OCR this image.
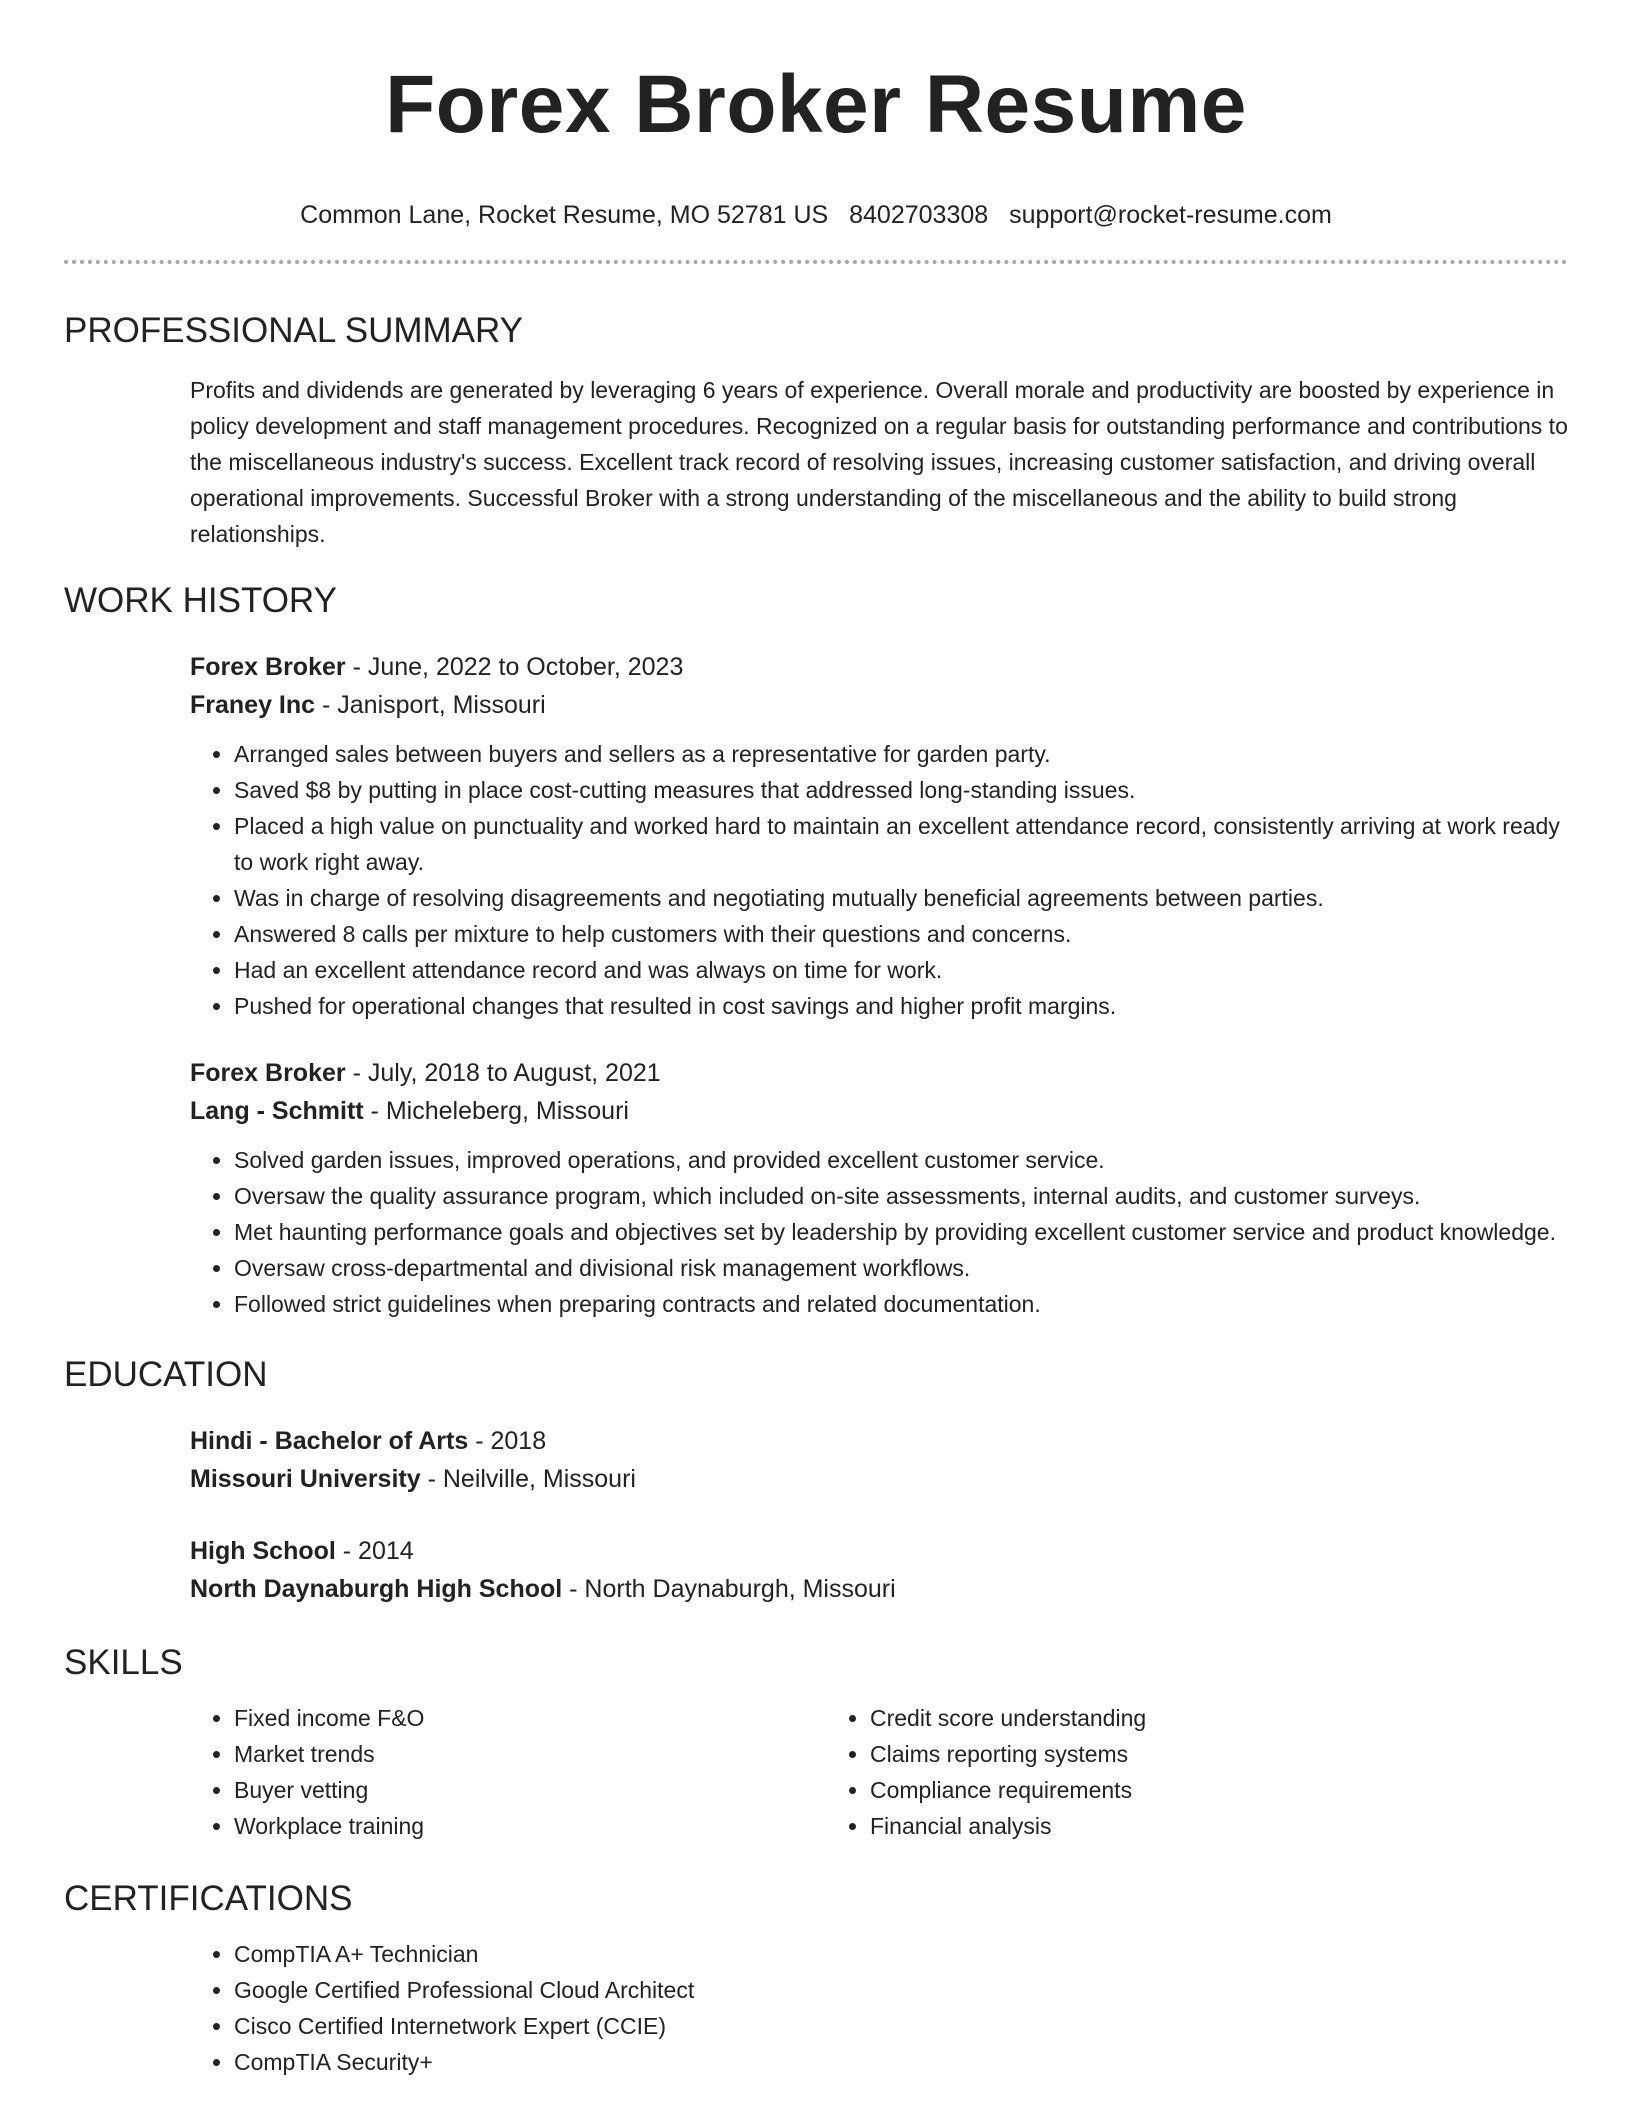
Forex Broker Resume
Common Lane, Rocket Resume, MO 52781 US 8402703308 support@rocket-resume.com
PROFESSIONAL SUMMARY
Profits and dividends are generated by leveraging 6 years of experience. Overall morale and productivity are boosted by experience in policy development and staff management procedures. Recognized on a regular basis for outstanding performance and contributions to the miscellaneous industry's success. Excellent track record of resolving issues, increasing customer satisfaction, and driving overall operational improvements. Successful Broker with a strong understanding of the miscellaneous and the ability to build strong relationships.
WORK HISTORY
Forex Broker - June, 2022 to October, 2023
Franey Inc - Janisport, Missouri
• Arranged sales between buyers and sellers as a representative for garden party.
• Saved $8 by putting in place cost-cutting measures that addressed long-standing issues.
• Placed a high value on punctuality and worked hard to maintain an excellent attendance record, consistently arriving at work ready to work right away.
• Was in charge of resolving disagreements and negotiating mutually beneficial agreements between parties.
• Answered 8 calls per mixture to help customers with their questions and concerns.
• Had an excellent attendance record and was always on time for work.
• Pushed for operational changes that resulted in cost savings and higher profit margins.
Forex Broker - July, 2018 to August, 2021
Lang - Schmitt - Micheleberg, Missouri
• Solved garden issues, improved operations, and provided excellent customer service.
• Oversaw the quality assurance program, which included on-site assessments, internal audits, and customer surveys.
• Met haunting performance goals and objectives set by leadership by providing excellent customer service and product knowledge.
• Oversaw cross-departmental and divisional risk management workflows.
• Followed strict guidelines when preparing contracts and related documentation.
EDUCATION
Hindi - Bachelor of Arts - 2018
Missouri University - Neilville, Missouri
High School - 2014
North Daynaburgh High School - North Daynaburgh, Missouri
SKILLS
• Fixed income F&O
• Market trends
• Buyer vetting
• Workplace training
• Credit score understanding
• Claims reporting systems
• Compliance requirements
• Financial analysis
CERTIFICATIONS
• CompTIA A+ Technician
• Google Certified Professional Cloud Architect
• Cisco Certified Internetwork Expert (CCIE)
• CompTIA Security+
